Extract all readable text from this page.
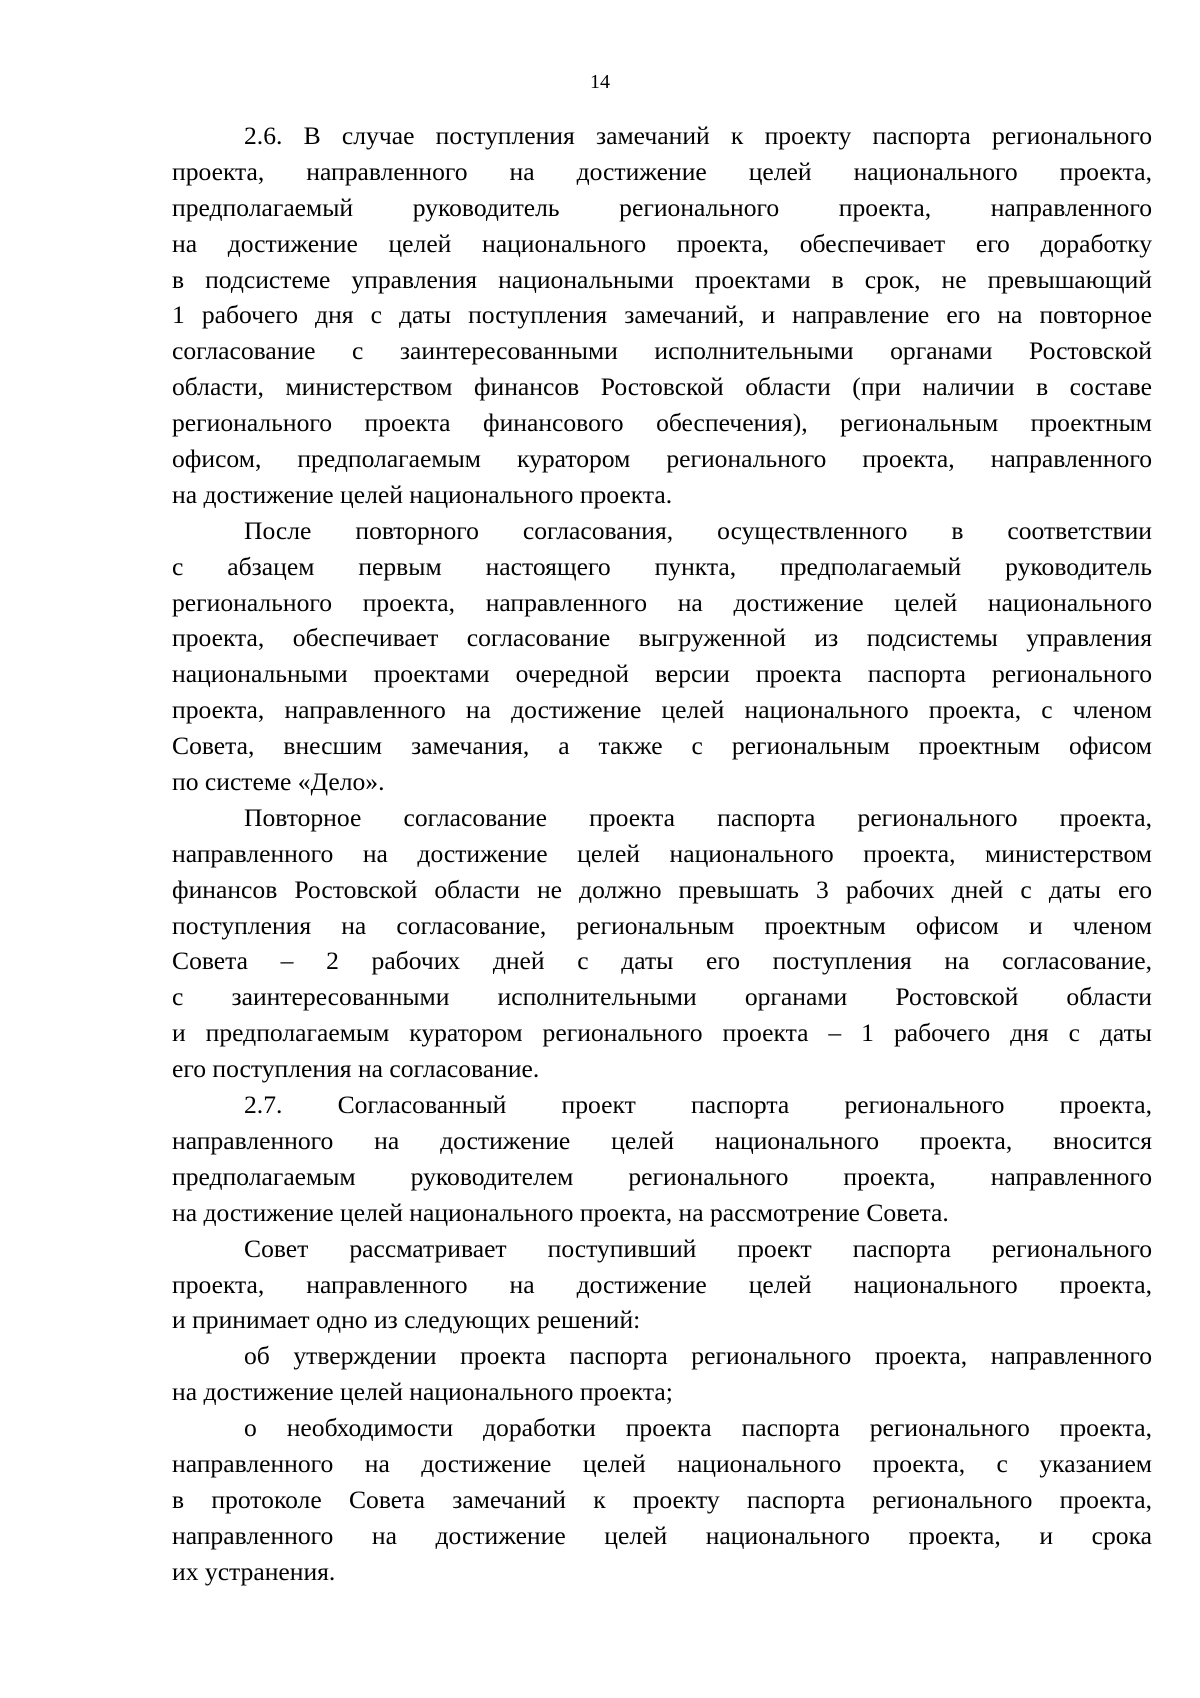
14
2.6. В случае поступления замечаний к проекту паспорта регионального
проекта, направленного на достижение целей национального проекта,
предполагаемый руководитель регионального проекта, направленного
на достижение целей национального проекта, обеспечивает его доработку
в подсистеме управления национальными проектами в срок, не превышающий
1 рабочего дня с даты поступления замечаний, и направление его на повторное
согласование с заинтересованными исполнительными органами Ростовской
области, министерством финансов Ростовской области (при наличии в составе
регионального проекта финансового обеспечения), региональным проектным
офисом, предполагаемым куратором регионального проекта, направленного
на достижение целей национального проекта.
После повторного согласования, осуществленного в соответствии
с абзацем первым настоящего пункта, предполагаемый руководитель
регионального проекта, направленного на достижение целей национального
проекта, обеспечивает согласование выгруженной из подсистемы управления
национальными проектами очередной версии проекта паспорта регионального
проекта, направленного на достижение целей национального проекта, с членом
Совета, внесшим замечания, а также с региональным проектным офисом
по системе «Дело».
Повторное согласование проекта паспорта регионального проекта,
направленного на достижение целей национального проекта, министерством
финансов Ростовской области не должно превышать 3 рабочих дней с даты его
поступления на согласование, региональным проектным офисом и членом
Совета – 2 рабочих дней с даты его поступления на согласование,
с заинтересованными исполнительными органами Ростовской области
и предполагаемым куратором регионального проекта – 1 рабочего дня с даты
его поступления на согласование.
2.7. Согласованный проект паспорта регионального проекта,
направленного на достижение целей национального проекта, вносится
предполагаемым руководителем регионального проекта, направленного
на достижение целей национального проекта, на рассмотрение Совета.
Совет рассматривает поступивший проект паспорта регионального
проекта, направленного на достижение целей национального проекта,
и принимает одно из следующих решений:
об утверждении проекта паспорта регионального проекта, направленного
на достижение целей национального проекта;
о необходимости доработки проекта паспорта регионального проекта,
направленного на достижение целей национального проекта, с указанием
в протоколе Совета замечаний к проекту паспорта регионального проекта,
направленного на достижение целей национального проекта, и срока
их устранения.
